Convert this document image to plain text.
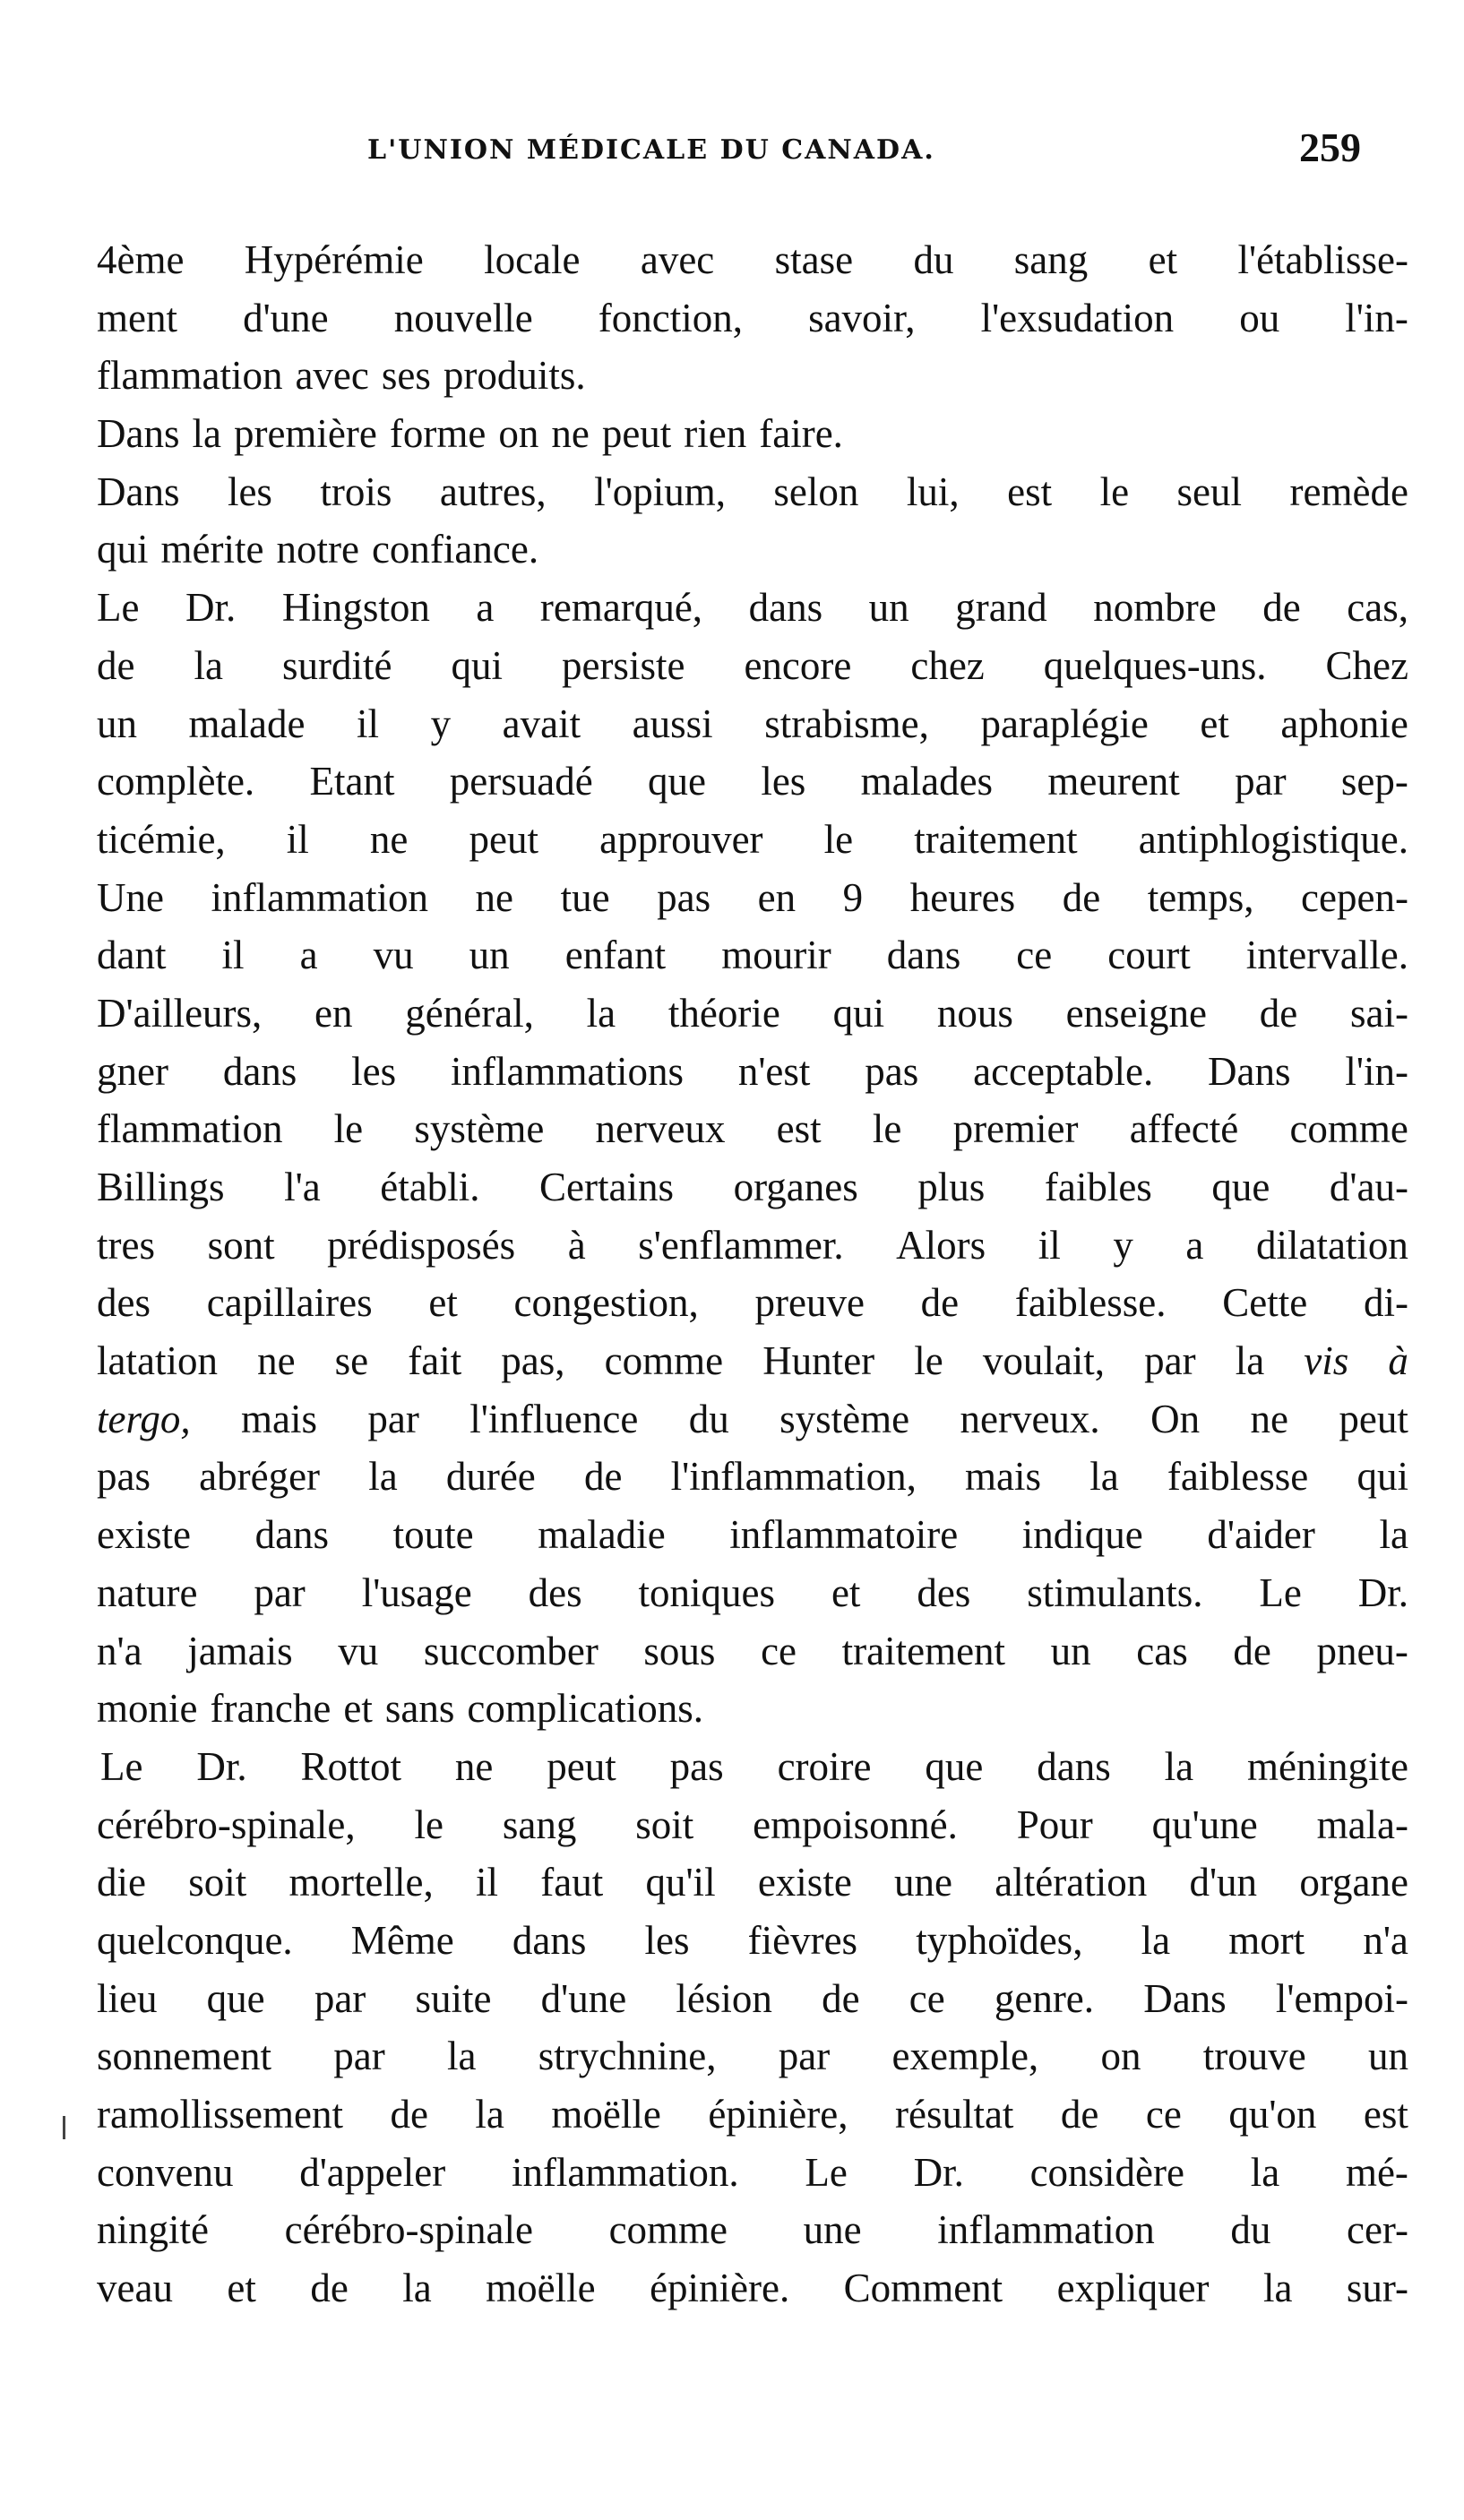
L'UNION MÉDICALE DU CANADA.	259
4ème Hypérémie locale avec stase du sang et l'établisse-
ment d'une nouvelle fonction, savoir, l'exsudation ou l'in-
flammation avec ses produits.
Dans la première forme on ne peut rien faire.
Dans les trois autres, l'opium, selon lui, est le seul remède
qui mérite notre confiance.
Le Dr. Hingston a remarqué, dans un grand nombre de cas,
de la surdité qui persiste encore chez quelques-uns. Chez
un malade il y avait aussi strabisme, paraplégie et aphonie
complète. Etant persuadé que les malades meurent par sep-
ticémie, il ne peut approuver le traitement antiphlogistique.
Une inflammation ne tue pas en 9 heures de temps, cepen-
dant il a vu un enfant mourir dans ce court intervalle.
D'ailleurs, en général, la théorie qui nous enseigne de sai-
gner dans les inflammations n'est pas acceptable. Dans l'in-
flammation le système nerveux est le premier affecté comme
Billings l'a établi. Certains organes plus faibles que d'au-
tres sont prédisposés à s'enflammer. Alors il y a dilatation
des capillaires et congestion, preuve de faiblesse. Cette di-
latation ne se fait pas, comme Hunter le voulait, par la vis à
tergo, mais par l'influence du système nerveux. On ne peut
pas abréger la durée de l'inflammation, mais la faiblesse qui
existe dans toute maladie inflammatoire indique d'aider la
nature par l'usage des toniques et des stimulants. Le Dr.
n'a jamais vu succomber sous ce traitement un cas de pneu-
monie franche et sans complications.
Le Dr. Rottot ne peut pas croire que dans la méningite
cérébro-spinale, le sang soit empoisonné. Pour qu'une mala-
die soit mortelle, il faut qu'il existe une altération d'un organe
quelconque. Même dans les fièvres typhoïdes, la mort n'a
lieu que par suite d'une lésion de ce genre. Dans l'empoi-
sonnement par la strychnine, par exemple, on trouve un
ramollissement de la moëlle épinière, résultat de ce qu'on est
convenu d'appeler inflammation. Le Dr. considère la mé-
ningité cérébro-spinale comme une inflammation du cer-
veau et de la moëlle épinière. Comment expliquer la sur-
